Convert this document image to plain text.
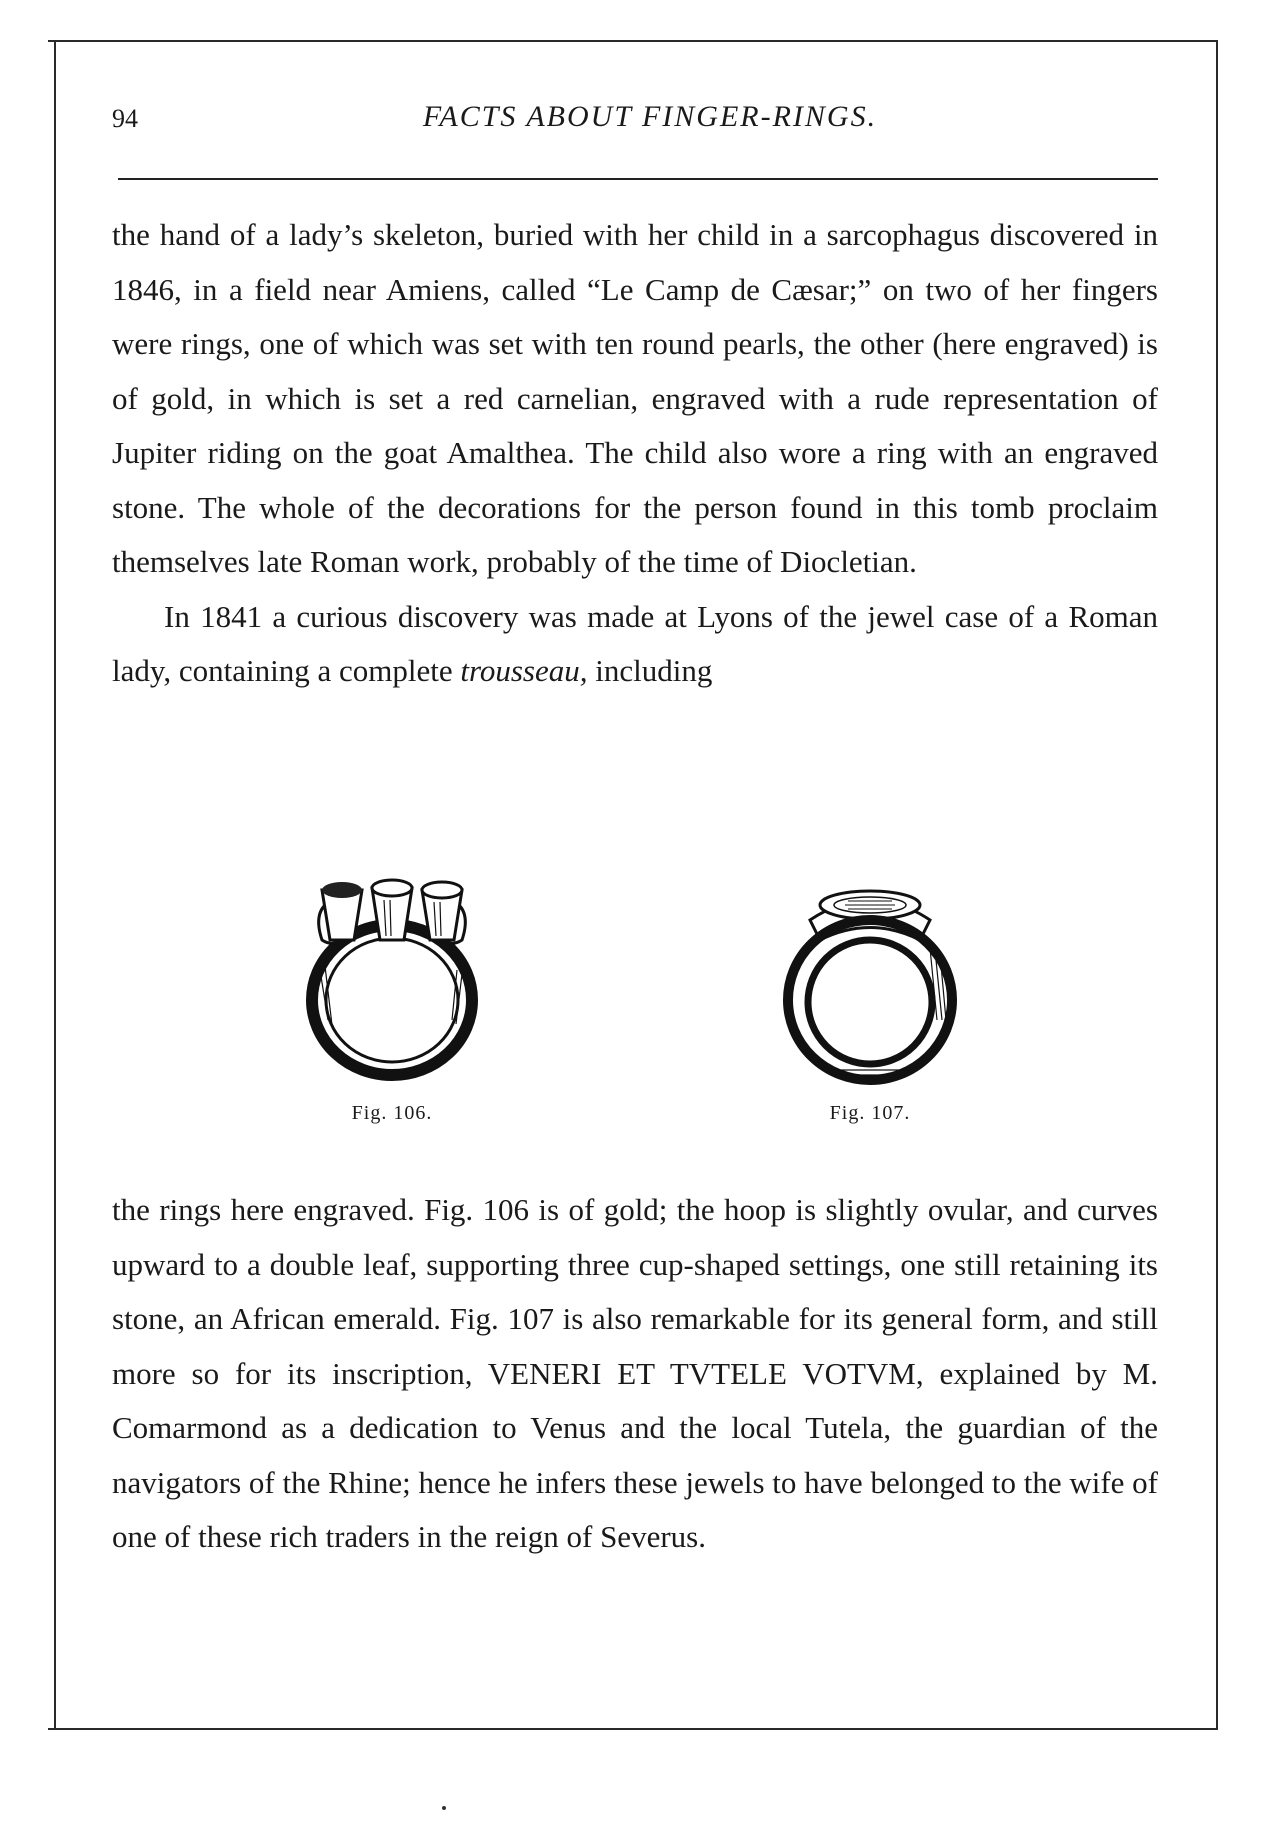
94	FACTS ABOUT FINGER-RINGS.

the hand of a lady’s skeleton, buried with her child in a sarcophagus discovered in 1846, in a field near Amiens, called “Le Camp de Cæsar;” on two of her fingers were rings, one of which was set with ten round pearls, the other (here engraved) is of gold, in which is set a red carnelian, engraved with a rude representation of Jupiter riding on the goat Amalthea. The child also wore a ring with an engraved stone. The whole of the decorations for the person found in this tomb proclaim themselves late Roman work, probably of the time of Diocletian.

In 1841 a curious discovery was made at Lyons of the jewel case of a Roman lady, containing a complete trousseau, including

Fig. 106.	Fig. 107.

the rings here engraved. Fig. 106 is of gold; the hoop is slightly ovular, and curves upward to a double leaf, supporting three cup-shaped settings, one still retaining its stone, an African emerald. Fig. 107 is also remarkable for its general form, and still more so for its inscription, VENERI ET TVTELE VOTVM, explained by M. Comarmond as a dedication to Venus and the local Tutela, the guardian of the navigators of the Rhine; hence he infers these jewels to have belonged to the wife of one of these rich traders in the reign of Severus.
